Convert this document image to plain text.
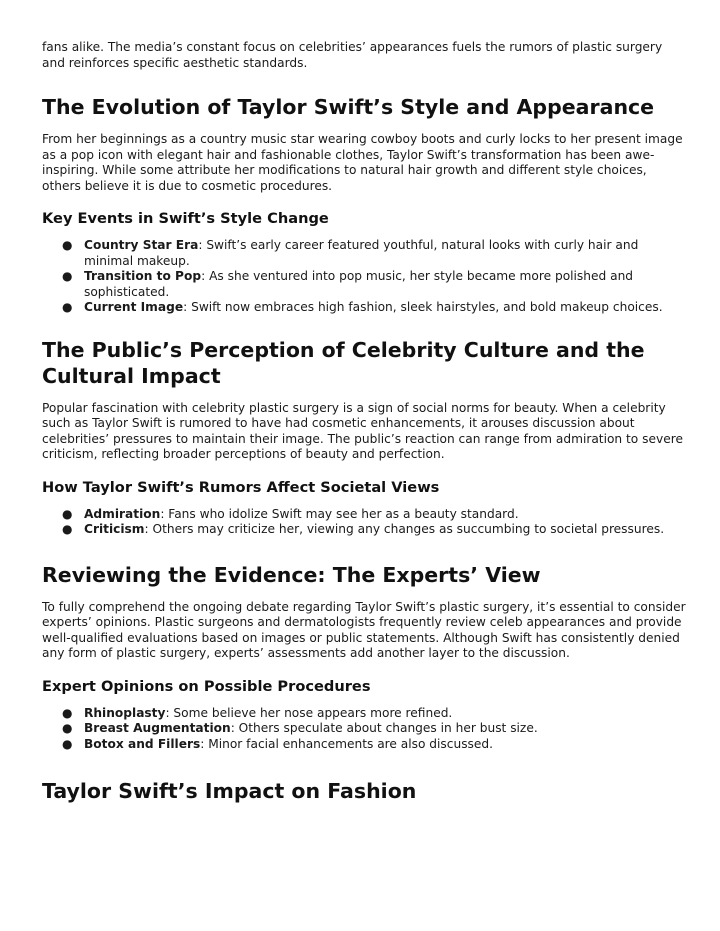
fans alike. The media’s constant focus on celebrities’ appearances fuels the rumors of plastic surgery and reinforces specific aesthetic standards.

The Evolution of Taylor Swift’s Style and Appearance

From her beginnings as a country music star wearing cowboy boots and curly locks to her present image as a pop icon with elegant hair and fashionable clothes, Taylor Swift’s transformation has been awe-inspiring. While some attribute her modifications to natural hair growth and different style choices, others believe it is due to cosmetic procedures.

Key Events in Swift’s Style Change
● Country Star Era: Swift’s early career featured youthful, natural looks with curly hair and minimal makeup.
● Transition to Pop: As she ventured into pop music, her style became more polished and sophisticated.
● Current Image: Swift now embraces high fashion, sleek hairstyles, and bold makeup choices.
The Public’s Perception of Celebrity Culture and the Cultural Impact

Popular fascination with celebrity plastic surgery is a sign of social norms for beauty. When a celebrity such as Taylor Swift is rumored to have had cosmetic enhancements, it arouses discussion about celebrities’ pressures to maintain their image. The public’s reaction can range from admiration to severe criticism, reflecting broader perceptions of beauty and perfection.

How Taylor Swift’s Rumors Affect Societal Views
● Admiration: Fans who idolize Swift may see her as a beauty standard.
● Criticism: Others may criticize her, viewing any changes as succumbing to societal pressures.
Reviewing the Evidence: The Experts’ View

To fully comprehend the ongoing debate regarding Taylor Swift’s plastic surgery, it’s essential to consider experts’ opinions. Plastic surgeons and dermatologists frequently review celeb appearances and provide well-qualified evaluations based on images or public statements. Although Swift has consistently denied any form of plastic surgery, experts’ assessments add another layer to the discussion.

Expert Opinions on Possible Procedures
● Rhinoplasty: Some believe her nose appears more refined.
● Breast Augmentation: Others speculate about changes in her bust size.
● Botox and Fillers: Minor facial enhancements are also discussed.
Taylor Swift’s Impact on Fashion
